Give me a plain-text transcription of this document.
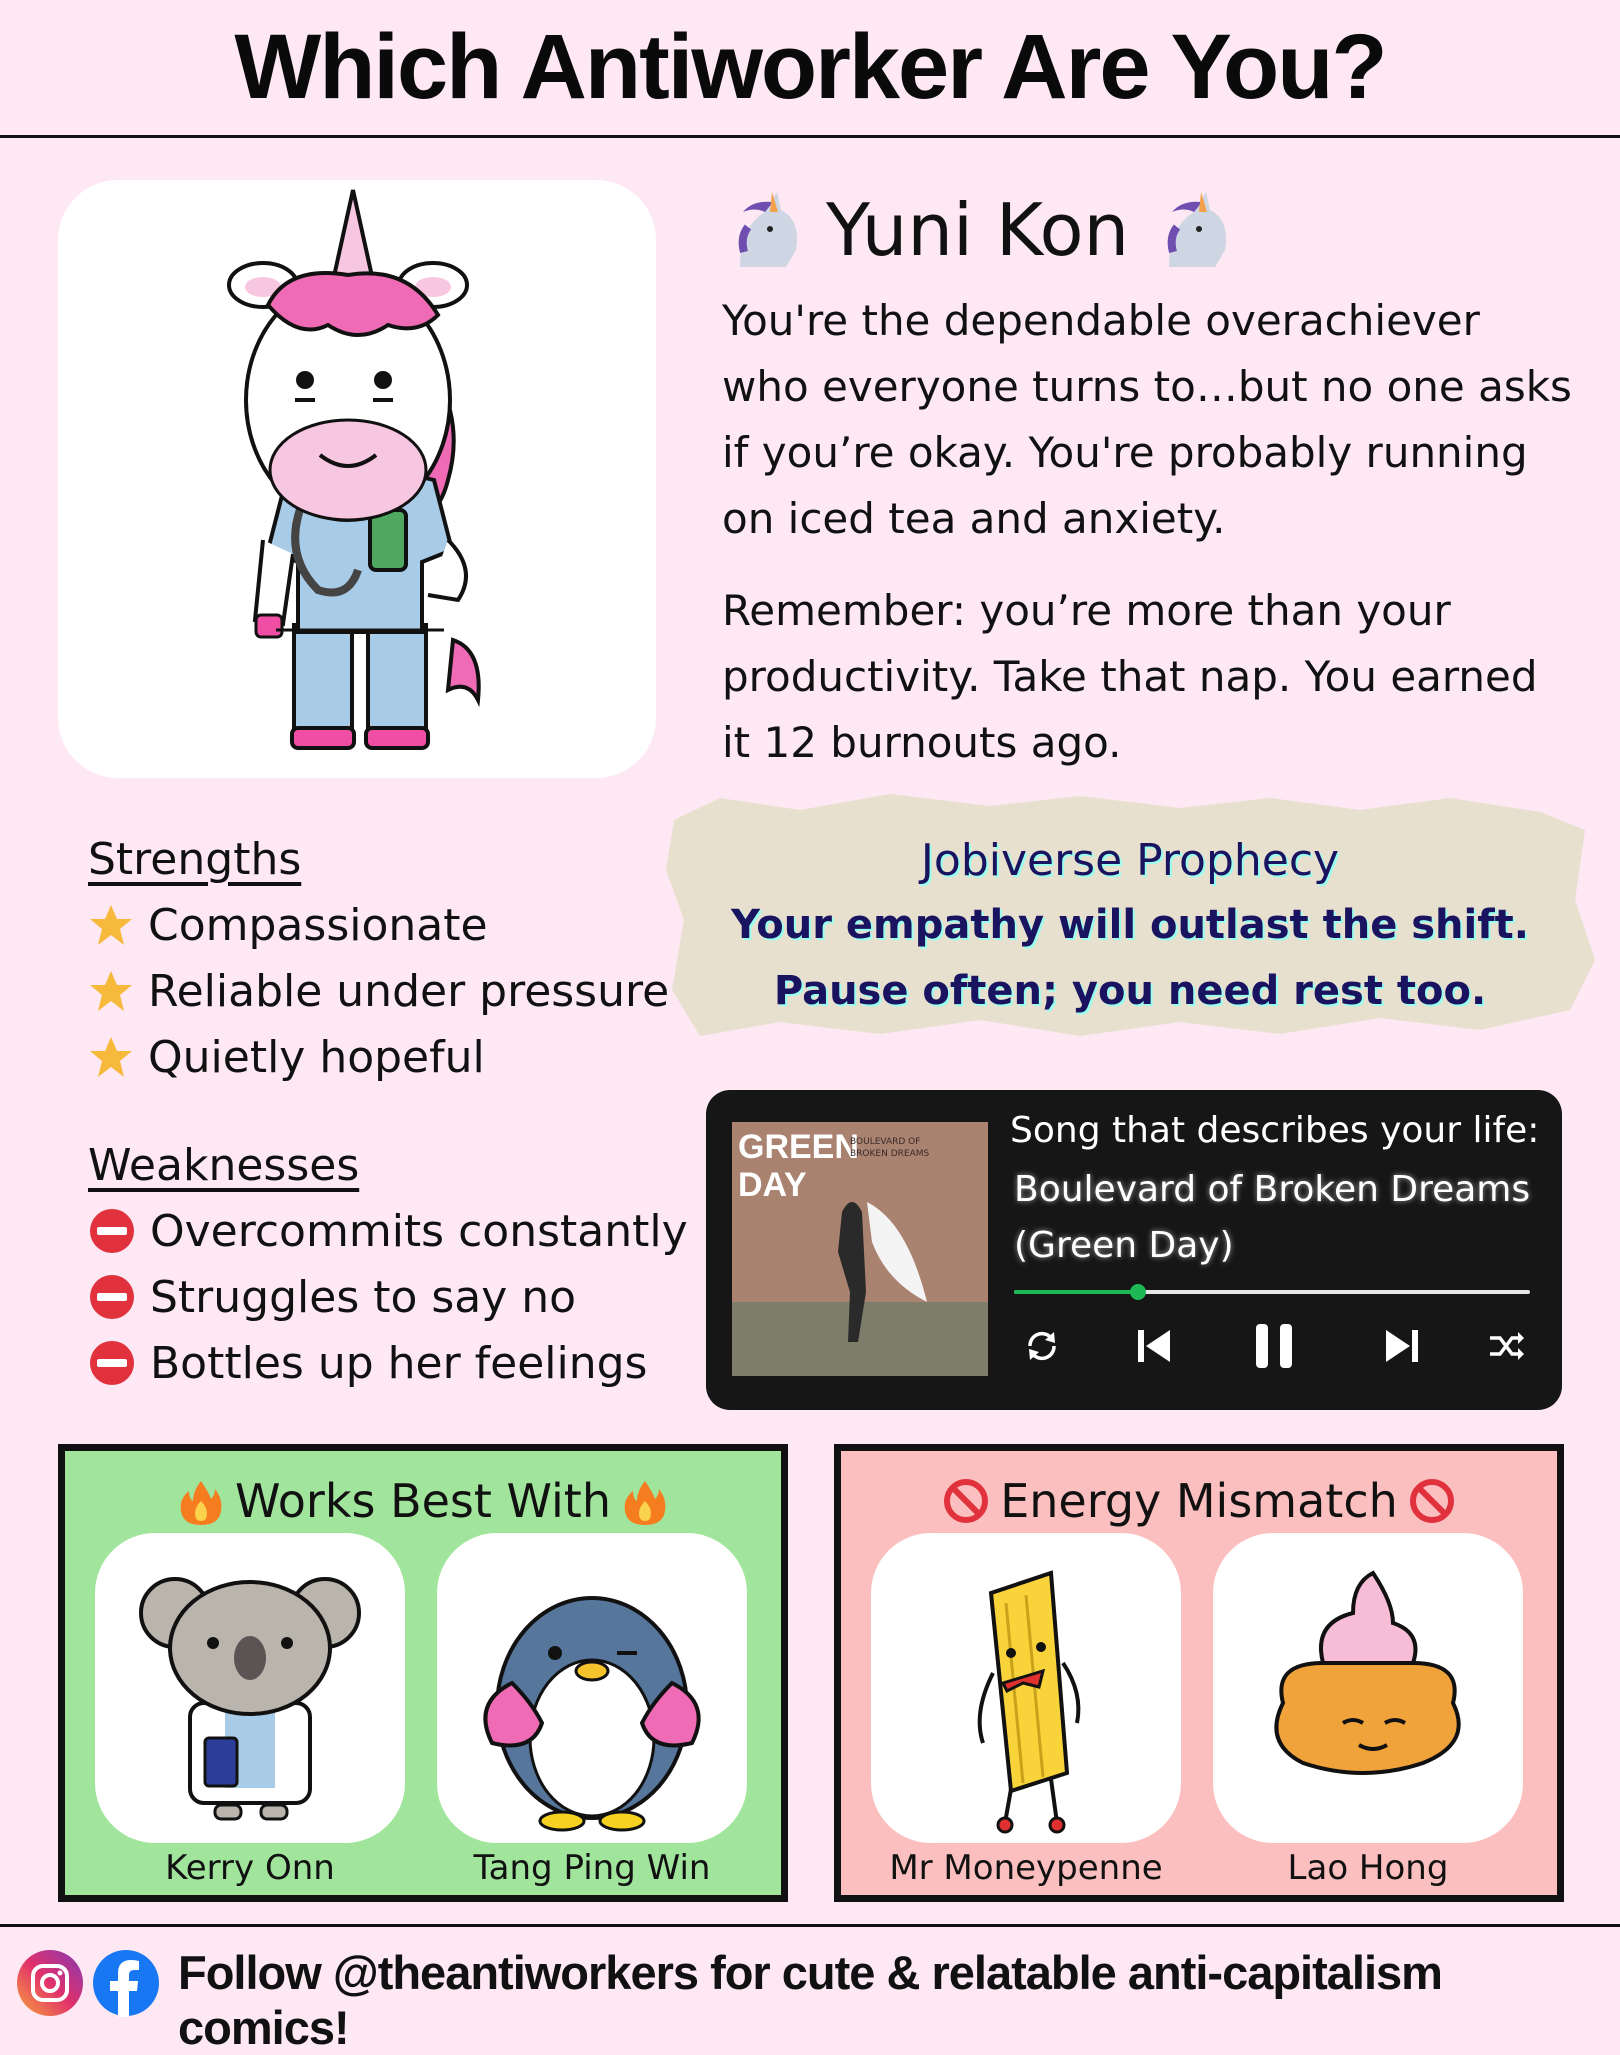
Which Antiworker Are You?
Yuni Kon

You're the dependable overachiever who everyone turns to…but no one asks if you’re okay. You're probably running on iced tea and anxiety.

Remember: you’re more than your productivity. Take that nap. You earned it 12 burnouts ago.

Strengths
Compassionate
Reliable under pressure
Quietly hopeful
Weaknesses
Overcommits constantly
Struggles to say no
Bottles up her feelings
Jobiverse Prophecy
Your empathy will outlast the shift.
Pause often; you need rest too.
GREEN DAY
BOULEVARD OF BROKEN DREAMS
Song that describes your life:
Boulevard of Broken Dreams
(Green Day)
Works Best With
Kerry Onn	Tang Ping Win
Energy Mismatch
Mr Moneypenne	Lao Hong
Follow @theantiworkers for cute & relatable anti-capitalism comics!
